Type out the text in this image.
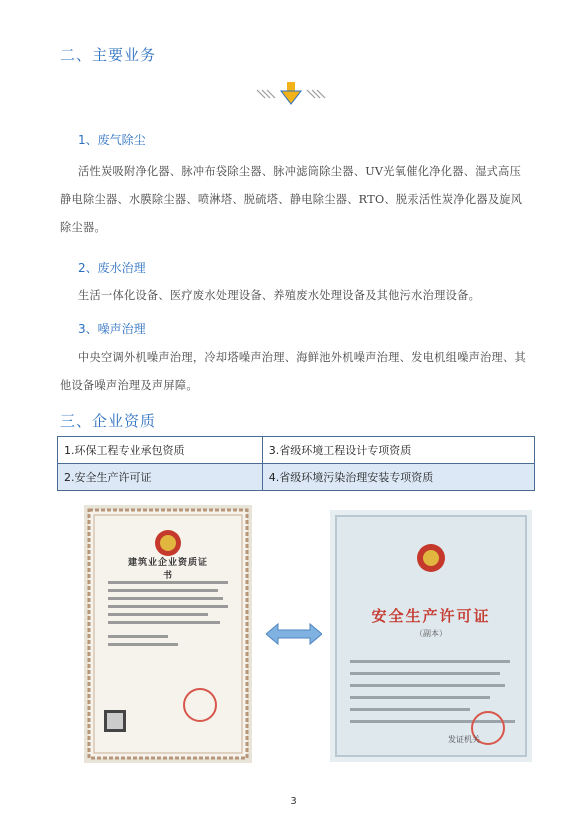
二、主要业务
1、废气除尘
活性炭吸附净化器、脉冲布袋除尘器、脉冲滤筒除尘器、UV光氧催化净化器、湿式高压静电除尘器、水膜除尘器、喷淋塔、脱硫塔、静电除尘器、RTO、脱汞活性炭净化器及旋风除尘器。
2、废水治理
生活一体化设备、医疗废水处理设备、养殖废水处理设备及其他污水治理设备。
3、噪声治理
中央空调外机噪声治理，冷却塔噪声治理、海鲜池外机噪声治理、发电机组噪声治理、其他设备噪声治理及声屏障。
三、企业资质
1.环保工程专业承包资质	3.省级环境工程设计专项资质
2.安全生产许可证	4.省级环境污染治理安装专项资质
建筑业企业资质证书
安全生产许可证
（副本）
发证机关
3
